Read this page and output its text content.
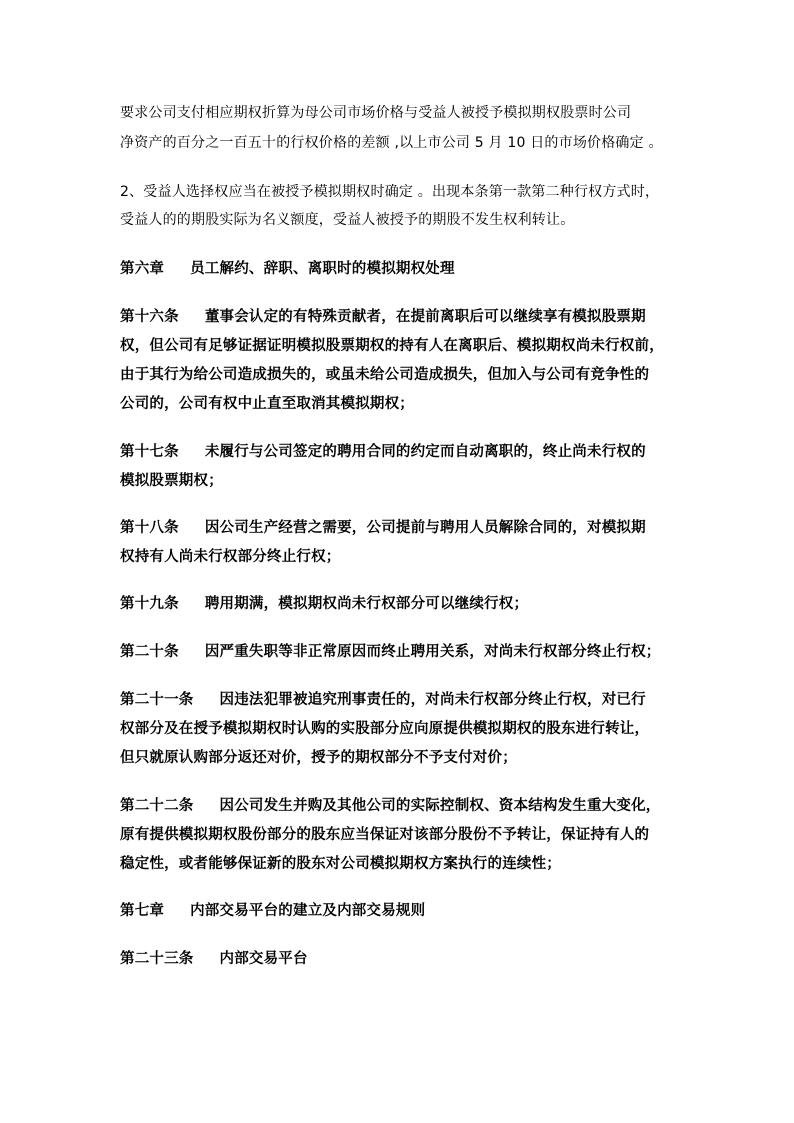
要求公司支付相应期权折算为母公司市场价格与受益人被授予模拟期权股票时公司
净资产的百分之一百五十的行权价格的差额 ,以上市公司 5 月 10 日的市场价格确定 。
2、受益人选择权应当在被授予模拟期权时确定 。出现本条第一款第二种行权方式时，
受益人的的期股实际为名义额度，受益人被授予的期股不发生权利转让。
第六章 员工解约、辞职、离职时的模拟期权处理
第十六条 董事会认定的有特殊贡献者，在提前离职后可以继续享有模拟股票期
权，但公司有足够证据证明模拟股票期权的持有人在离职后、模拟期权尚未行权前，
由于其行为给公司造成损失的，或虽未给公司造成损失，但加入与公司有竞争性的
公司的，公司有权中止直至取消其模拟期权；
第十七条 未履行与公司签定的聘用合同的约定而自动离职的，终止尚未行权的
模拟股票期权；
第十八条 因公司生产经营之需要，公司提前与聘用人员解除合同的，对模拟期
权持有人尚未行权部分终止行权；
第十九条 聘用期满，模拟期权尚未行权部分可以继续行权；
第二十条 因严重失职等非正常原因而终止聘用关系，对尚未行权部分终止行权；
第二十一条 因违法犯罪被追究刑事责任的，对尚未行权部分终止行权，对已行
权部分及在授予模拟期权时认购的实股部分应向原提供模拟期权的股东进行转让，
但只就原认购部分返还对价，授予的期权部分不予支付对价；
第二十二条 因公司发生并购及其他公司的实际控制权、资本结构发生重大变化，
原有提供模拟期权股份部分的股东应当保证对该部分股份不予转让，保证持有人的
稳定性，或者能够保证新的股东对公司模拟期权方案执行的连续性；
第七章 内部交易平台的建立及内部交易规则
第二十三条 内部交易平台
